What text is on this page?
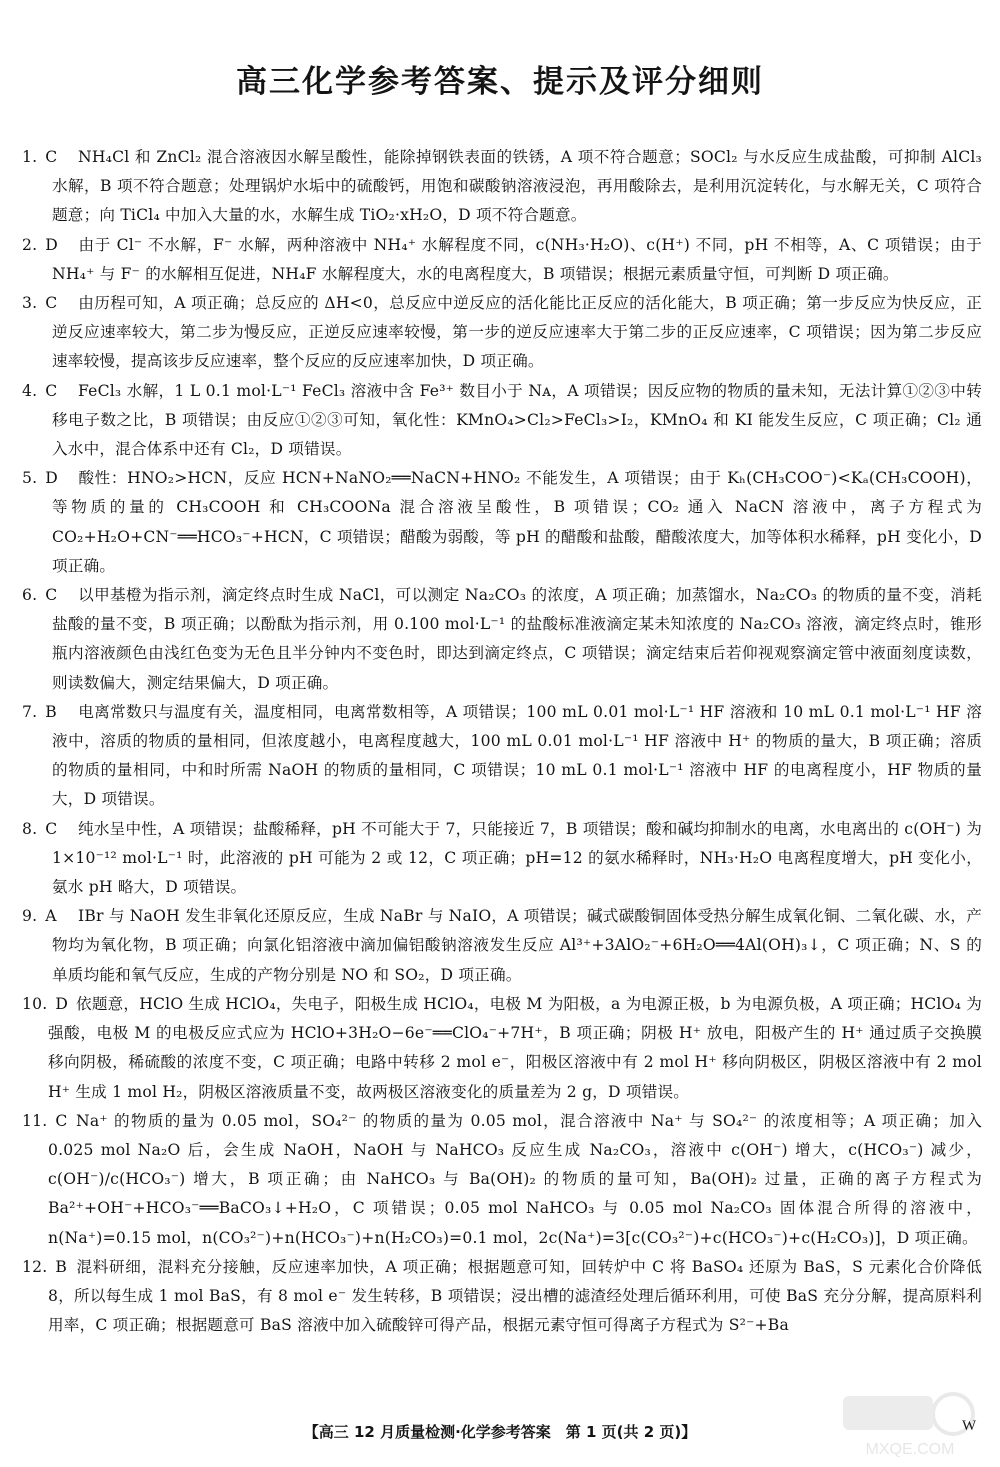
高三化学参考答案、提示及评分细则
1. C NH₄Cl 和 ZnCl₂ 混合溶液因水解呈酸性，能除掉钢铁表面的铁锈，A 项不符合题意；SOCl₂ 与水反应生成盐酸，可抑制 AlCl₃ 水解，B 项不符合题意；处理锅炉水垢中的硫酸钙，用饱和碳酸钠溶液浸泡，再用酸除去，是利用沉淀转化，与水解无关，C 项符合题意；向 TiCl₄ 中加入大量的水，水解生成 TiO₂·xH₂O，D 项不符合题意。
2. D 由于 Cl⁻ 不水解，F⁻ 水解，两种溶液中 NH₄⁺ 水解程度不同，c(NH₃·H₂O)、c(H⁺) 不同，pH 不相等，A、C 项错误；由于 NH₄⁺ 与 F⁻ 的水解相互促进，NH₄F 水解程度大，水的电离程度大，B 项错误；根据元素质量守恒，可判断 D 项正确。
3. C 由历程可知，A 项正确；总反应的 ΔH<0，总反应中逆反应的活化能比正反应的活化能大，B 项正确；第一步反应为快反应，正逆反应速率较大，第二步为慢反应，正逆反应速率较慢，第一步的逆反应速率大于第二步的正反应速率，C 项错误；因为第二步反应速率较慢，提高该步反应速率，整个反应的反应速率加快，D 项正确。
4. C FeCl₃ 水解，1 L 0.1 mol·L⁻¹ FeCl₃ 溶液中含 Fe³⁺ 数目小于 Nᴀ，A 项错误；因反应物的物质的量未知，无法计算①②③中转移电子数之比，B 项错误；由反应①②③可知，氧化性：KMnO₄>Cl₂>FeCl₃>I₂，KMnO₄ 和 KI 能发生反应，C 项正确；Cl₂ 通入水中，混合体系中还有 Cl₂，D 项错误。
5. D 酸性：HNO₂>HCN，反应 HCN+NaNO₂══NaCN+HNO₂ 不能发生，A 项错误；由于 Kₕ(CH₃COO⁻)<Kₐ(CH₃COOH)，等物质的量的 CH₃COOH 和 CH₃COONa 混合溶液呈酸性，B 项错误；CO₂ 通入 NaCN 溶液中，离子方程式为 CO₂+H₂O+CN⁻══HCO₃⁻+HCN，C 项错误；醋酸为弱酸，等 pH 的醋酸和盐酸，醋酸浓度大，加等体积水稀释，pH 变化小，D 项正确。
6. C 以甲基橙为指示剂，滴定终点时生成 NaCl，可以测定 Na₂CO₃ 的浓度，A 项正确；加蒸馏水，Na₂CO₃ 的物质的量不变，消耗盐酸的量不变，B 项正确；以酚酞为指示剂，用 0.100 mol·L⁻¹ 的盐酸标准液滴定某未知浓度的 Na₂CO₃ 溶液，滴定终点时，锥形瓶内溶液颜色由浅红色变为无色且半分钟内不变色时，即达到滴定终点，C 项错误；滴定结束后若仰视观察滴定管中液面刻度读数，则读数偏大，测定结果偏大，D 项正确。
7. B 电离常数只与温度有关，温度相同，电离常数相等，A 项错误；100 mL 0.01 mol·L⁻¹ HF 溶液和 10 mL 0.1 mol·L⁻¹ HF 溶液中，溶质的物质的量相同，但浓度越小，电离程度越大，100 mL 0.01 mol·L⁻¹ HF 溶液中 H⁺ 的物质的量大，B 项正确；溶质的物质的量相同，中和时所需 NaOH 的物质的量相同，C 项错误；10 mL 0.1 mol·L⁻¹ 溶液中 HF 的电离程度小，HF 物质的量大，D 项错误。
8. C 纯水呈中性，A 项错误；盐酸稀释，pH 不可能大于 7，只能接近 7，B 项错误；酸和碱均抑制水的电离，水电离出的 c(OH⁻) 为 1×10⁻¹² mol·L⁻¹ 时，此溶液的 pH 可能为 2 或 12，C 项正确；pH=12 的氨水稀释时，NH₃·H₂O 电离程度增大，pH 变化小，氨水 pH 略大，D 项错误。
9. A IBr 与 NaOH 发生非氧化还原反应，生成 NaBr 与 NaIO，A 项错误；碱式碳酸铜固体受热分解生成氧化铜、二氧化碳、水，产物均为氧化物，B 项正确；向氯化铝溶液中滴加偏铝酸钠溶液发生反应 Al³⁺+3AlO₂⁻+6H₂O══4Al(OH)₃↓，C 项正确；N、S 的单质均能和氧气反应，生成的产物分别是 NO 和 SO₂，D 项正确。
10. D 依题意，HClO 生成 HClO₄，失电子，阳极生成 HClO₄，电极 M 为阳极，a 为电源正极，b 为电源负极，A 项正确；HClO₄ 为强酸，电极 M 的电极反应式应为 HClO+3H₂O−6e⁻══ClO₄⁻+7H⁺，B 项正确；阴极 H⁺ 放电，阳极产生的 H⁺ 通过质子交换膜移向阴极，稀硫酸的浓度不变，C 项正确；电路中转移 2 mol e⁻，阳极区溶液中有 2 mol H⁺ 移向阴极区，阴极区溶液中有 2 mol H⁺ 生成 1 mol H₂，阴极区溶液质量不变，故两极区溶液变化的质量差为 2 g，D 项错误。
11. C Na⁺ 的物质的量为 0.05 mol，SO₄²⁻ 的物质的量为 0.05 mol，混合溶液中 Na⁺ 与 SO₄²⁻ 的浓度相等；A 项正确；加入 0.025 mol Na₂O 后，会生成 NaOH，NaOH 与 NaHCO₃ 反应生成 Na₂CO₃，溶液中 c(OH⁻) 增大，c(HCO₃⁻) 减少，c(OH⁻)/c(HCO₃⁻) 增大，B 项正确；由 NaHCO₃ 与 Ba(OH)₂ 的物质的量可知，Ba(OH)₂ 过量，正确的离子方程式为 Ba²⁺+OH⁻+HCO₃⁻══BaCO₃↓+H₂O，C 项错误；0.05 mol NaHCO₃ 与 0.05 mol Na₂CO₃ 固体混合所得的溶液中，n(Na⁺)=0.15 mol，n(CO₃²⁻)+n(HCO₃⁻)+n(H₂CO₃)=0.1 mol，2c(Na⁺)=3[c(CO₃²⁻)+c(HCO₃⁻)+c(H₂CO₃)]，D 项正确。
12. B 混料研细，混料充分接触，反应速率加快，A 项正确；根据题意可知，回转炉中 C 将 BaSO₄ 还原为 BaS，S 元素化合价降低 8，所以每生成 1 mol BaS，有 8 mol e⁻ 发生转移，B 项错误；浸出槽的滤渣经处理后循环利用，可使 BaS 充分分解，提高原料利用率，C 项正确；根据题意可 BaS 溶液中加入硫酸锌可得产品，根据元素守恒可得离子方程式为 S²⁻+Ba
MXQE.COM
【高三 12 月质量检测·化学参考答案　第 1 页(共 2 页)】	W
